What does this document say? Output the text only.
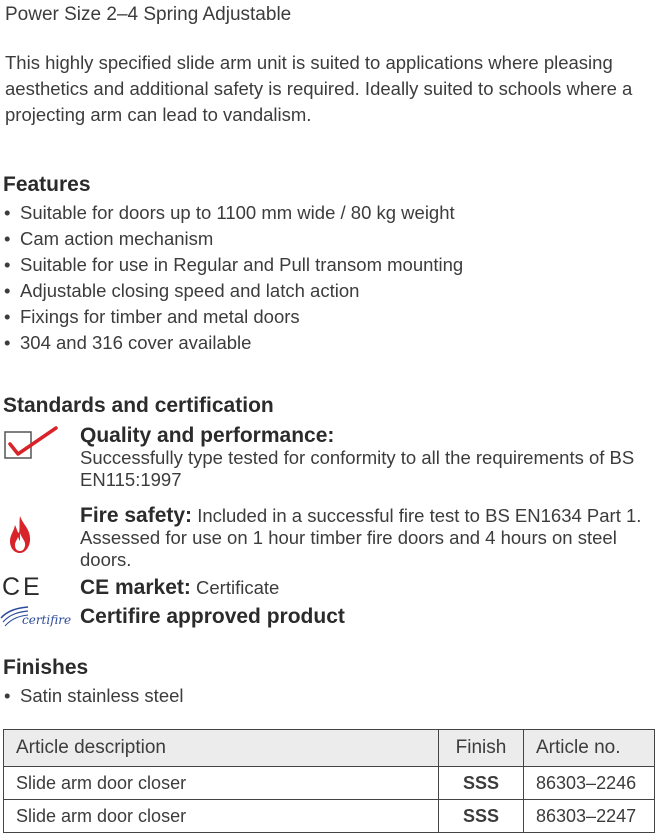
Power Size 2–4 Spring Adjustable
This highly specified slide arm unit is suited to applications where pleasing aesthetics and additional safety is required. Ideally suited to schools where a projecting arm can lead to vandalism.
Features
• Suitable for doors up to 1100 mm wide / 80 kg weight
• Cam action mechanism
• Suitable for use in Regular and Pull transom mounting
• Adjustable closing speed and latch action
• Fixings for timber and metal doors
• 304 and 316 cover available
Standards and certification
Quality and performance:
Successfully type tested for conformity to all the requirements of BS EN115:1997
Fire safety: Included in a successful fire test to BS EN1634 Part 1. Assessed for use on 1 hour timber fire doors and 4 hours on steel doors.
CE CE market: Certificate
certifire Certifire approved product
Finishes
• Satin stainless steel
Article description	Finish	Article no.
Slide arm door closer	SSS	86303–2246
Slide arm door closer	SSS	86303–2247
